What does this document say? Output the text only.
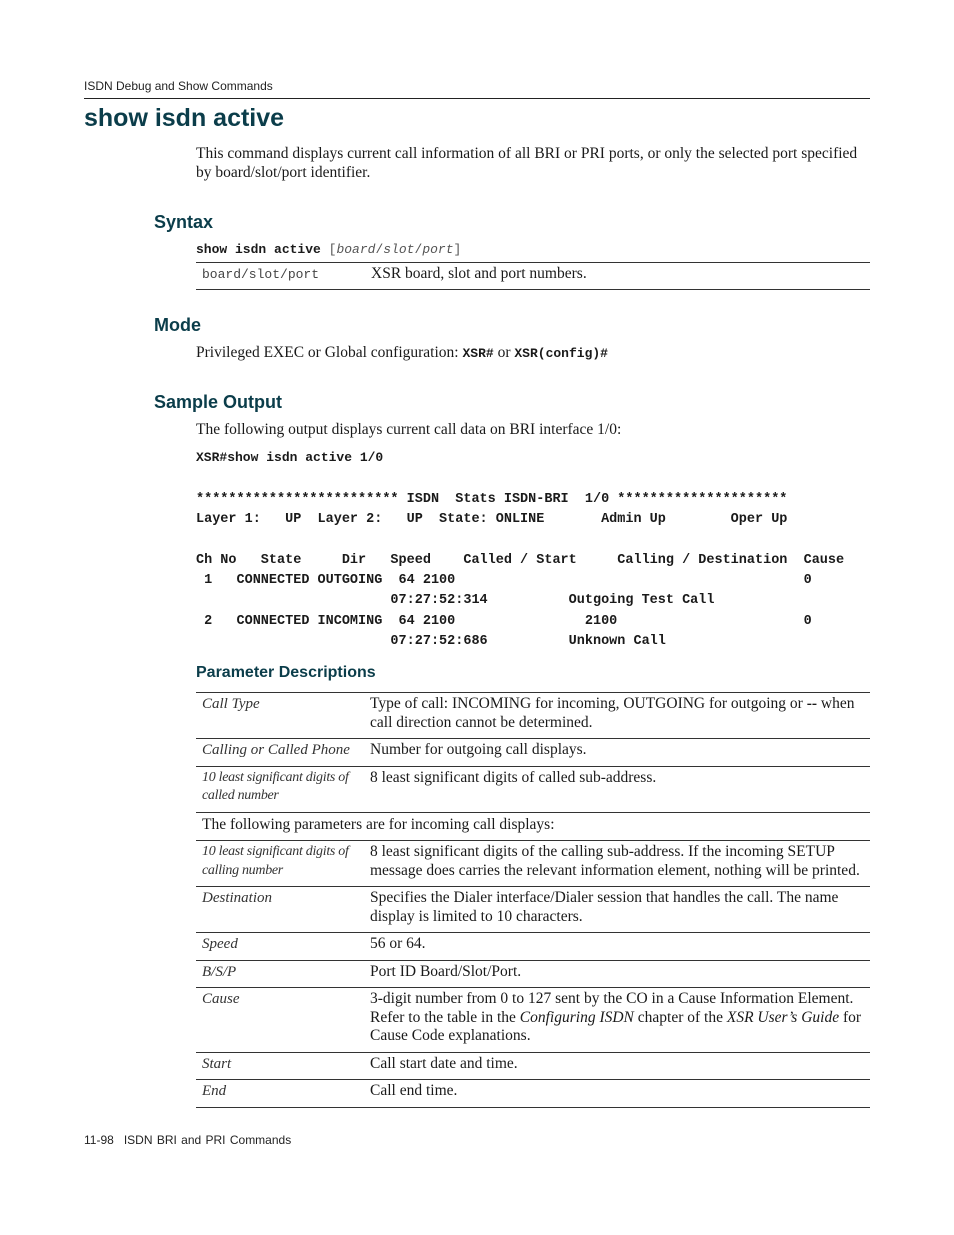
ISDN Debug and Show Commands
show isdn active

This command displays current call information of all BRI or PRI ports, or only the selected port specified by board/slot/port identifier.

Syntax
show isdn active [board/slot/port]
board/slot/port	XSR board, slot and port numbers.
Mode
Privileged EXEC or Global configuration: XSR# or XSR(config)#
Sample Output
The following output displays current call data on BRI interface 1/0:
XSR#show isdn active 1/0
************************* ISDN  Stats ISDN-BRI  1/0 *********************
Layer 1:   UP  Layer 2:   UP  State: ONLINE       Admin Up        Oper Up
Ch No   State     Dir   Speed    Called / Start     Calling / Destination  Cause
1   CONNECTED OUTGOING  64 2100                                           0
07:27:52:314          Outgoing Test Call
2   CONNECTED INCOMING  64 2100                2100                       0
07:27:52:686          Unknown Call
Parameter Descriptions
Call Type	Type of call: INCOMING for incoming, OUTGOING for outgoing or -- when call direction cannot be determined.
Calling or Called Phone	Number for outgoing call displays.
10 least significant digits of called number	8 least significant digits of called sub-address.
The following parameters are for incoming call displays:	
10 least significant digits of calling number	8 least significant digits of the calling sub-address. If the incoming SETUP message does carries the relevant information element, nothing will be printed.
Destination	Specifies the Dialer interface/Dialer session that handles the call. The name display is limited to 10 characters.
Speed	56 or 64.
B/S/P	Port ID Board/Slot/Port.
Cause	3-digit number from 0 to 127 sent by the CO in a Cause Information Element. Refer to the table in the Configuring ISDN chapter of the XSR User’s Guide for Cause Code explanations.
Start	Call start date and time.
End	Call end time.
11-98 ISDN BRI and PRI Commands
